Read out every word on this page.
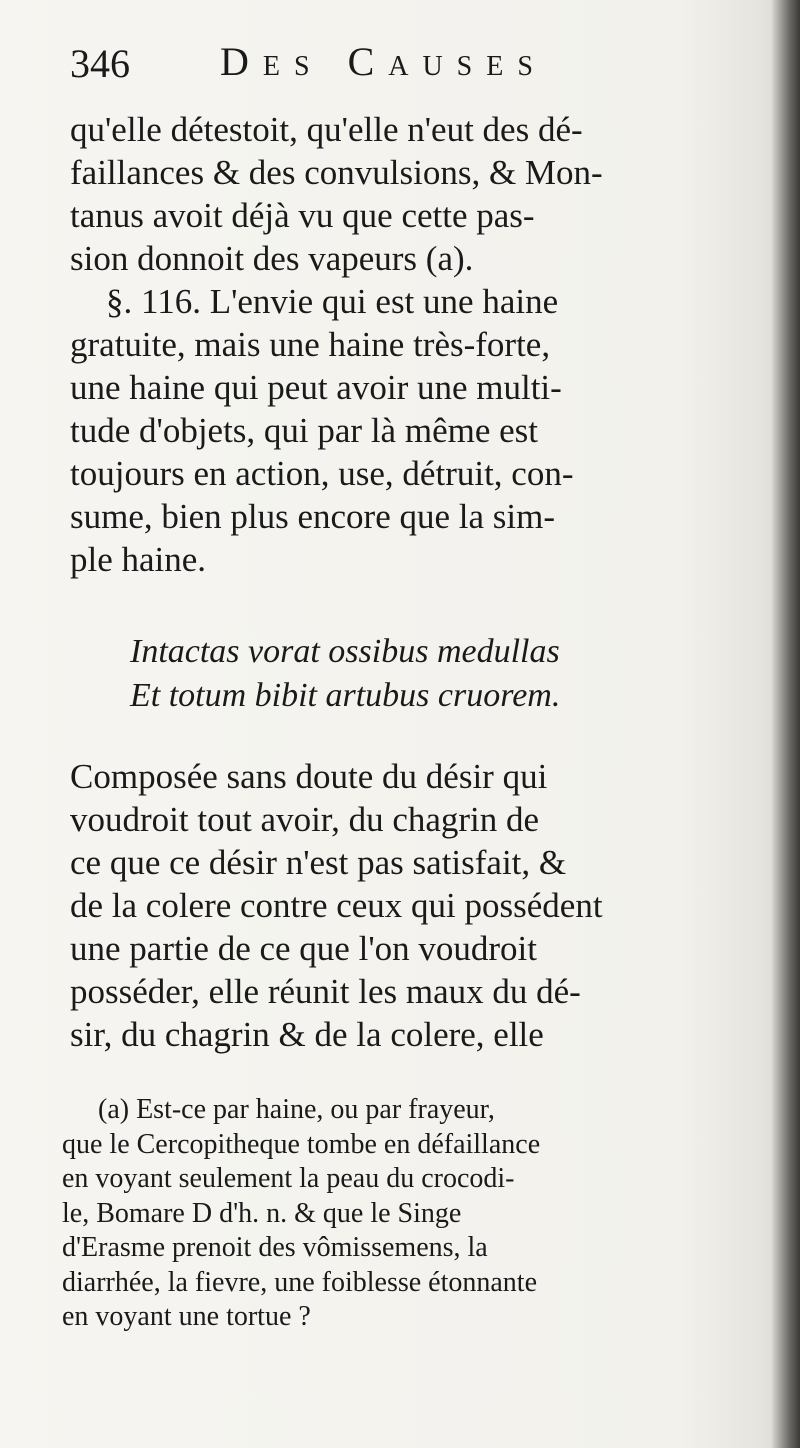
346 Des Causes
qu'elle détestoit, qu'elle n'eut des dé-
faillances & des convulsions, & Mon-
tanus avoit déjà vu que cette pas-
sion donnoit des vapeurs (a).
§. 116. L'envie qui est une haine
gratuite, mais une haine très-forte,
une haine qui peut avoir une multi-
tude d'objets, qui par là même est
toujours en action, use, détruit, con-
sume, bien plus encore que la sim-
ple haine.
Intactas vorat ossibus medullas
Et totum bibit artubus cruorem.
Composée sans doute du désir qui
voudroit tout avoir, du chagrin de
ce que ce désir n'est pas satisfait, &
de la colere contre ceux qui possédent
une partie de ce que l'on voudroit
posséder, elle réunit les maux du dé-
sir, du chagrin & de la colere, elle
(a) Est-ce par haine, ou par frayeur,
que le Cercopitheque tombe en défaillance
en voyant seulement la peau du crocodi-
le, Bomare D d'h. n. & que le Singe
d'Erasme prenoit des vômissemens, la
diarrhée, la fievre, une foiblesse étonnante
en voyant une tortue ?
